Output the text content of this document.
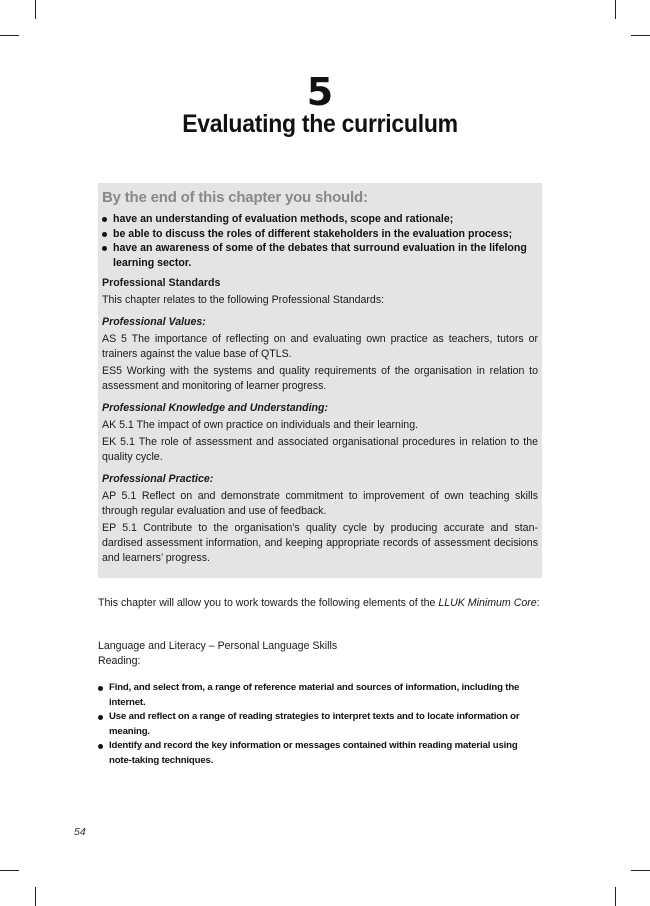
5
Evaluating the curriculum
By the end of this chapter you should:
have an understanding of evaluation methods, scope and rationale;
be able to discuss the roles of different stakeholders in the evaluation process;
have an awareness of some of the debates that surround evaluation in the lifelong learning sector.
Professional Standards
This chapter relates to the following Professional Standards:
Professional Values:
AS 5 The importance of reflecting on and evaluating own practice as teachers, tutors or trainers against the value base of QTLS.
ES5 Working with the systems and quality requirements of the organisation in relation to assessment and monitoring of learner progress.
Professional Knowledge and Understanding:
AK 5.1 The impact of own practice on individuals and their learning.
EK 5.1 The role of assessment and associated organisational procedures in relation to the quality cycle.
Professional Practice:
AP 5.1 Reflect on and demonstrate commitment to improvement of own teaching skills through regular evaluation and use of feedback.
EP 5.1 Contribute to the organisation’s quality cycle by producing accurate and stan-dardised assessment information, and keeping appropriate records of assessment decisions and learners’ progress.
This chapter will allow you to work towards the following elements of the LLUK Minimum Core:
Language and Literacy – Personal Language Skills
Reading:
Find, and select from, a range of reference material and sources of information, including the internet.
Use and reflect on a range of reading strategies to interpret texts and to locate information or meaning.
Identify and record the key information or messages contained within reading material using note-taking techniques.
54
